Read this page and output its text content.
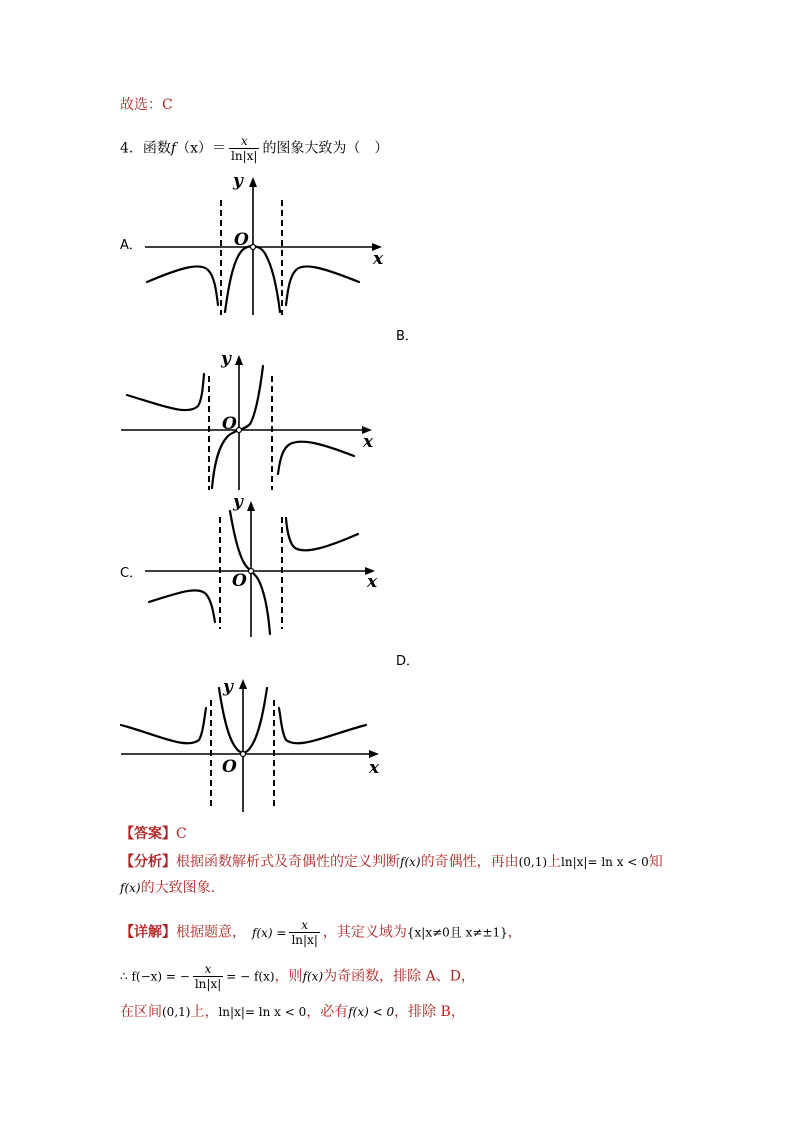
故选：C
4．函数$f(x)= \frac{x}{\ln|x|}$ 的图象大致为（　）
A．
y
x
O
B．
y
x
O
C．
y
x
O
D．
y
x
O
【答案】C
【分析】根据函数解析式及奇偶性的定义判断f(x)的奇偶性，再由(0,1)上ln|x|= ln x < 0知
f(x)的大致图象.
【详解】根据题意， $f(x) = \frac{x}{\ln|x|}$ ，其定义域为{x|x≠0且 x≠±1}，
∴ f(−x) = − $\frac{x}{\ln|x|}$ = − f(x)，则f(x)为奇函数，排除 A、D，
在区间(0,1)上，ln|x|= ln x < 0，必有f(x) < 0，排除 B，
